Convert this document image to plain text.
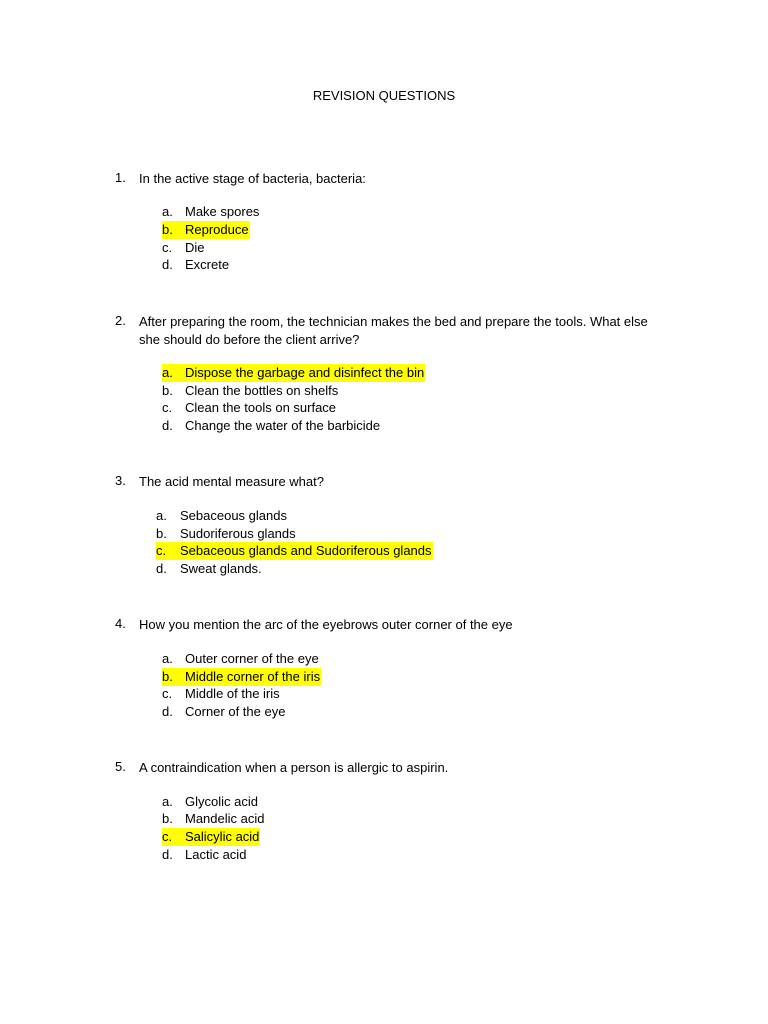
REVISION QUESTIONS
1. In the active stage of bacteria, bacteria:
a. Make spores
b. Reproduce
c. Die
d. Excrete
2. After preparing the room, the technician makes the bed and prepare the tools. What else she should do before the client arrive?
a. Dispose the garbage and disinfect the bin
b. Clean the bottles on shelfs
c. Clean the tools on surface
d. Change the water of the barbicide
3. The acid mental measure what?
a. Sebaceous glands
b. Sudoriferous glands
c. Sebaceous glands and Sudoriferous glands
d. Sweat glands.
4. How you mention the arc of the eyebrows outer corner of the eye
a. Outer corner of the eye
b. Middle corner of the iris
c. Middle of the iris
d. Corner of the eye
5. A contraindication when a person is allergic to aspirin.
a. Glycolic acid
b. Mandelic acid
c. Salicylic acid
d. Lactic acid
